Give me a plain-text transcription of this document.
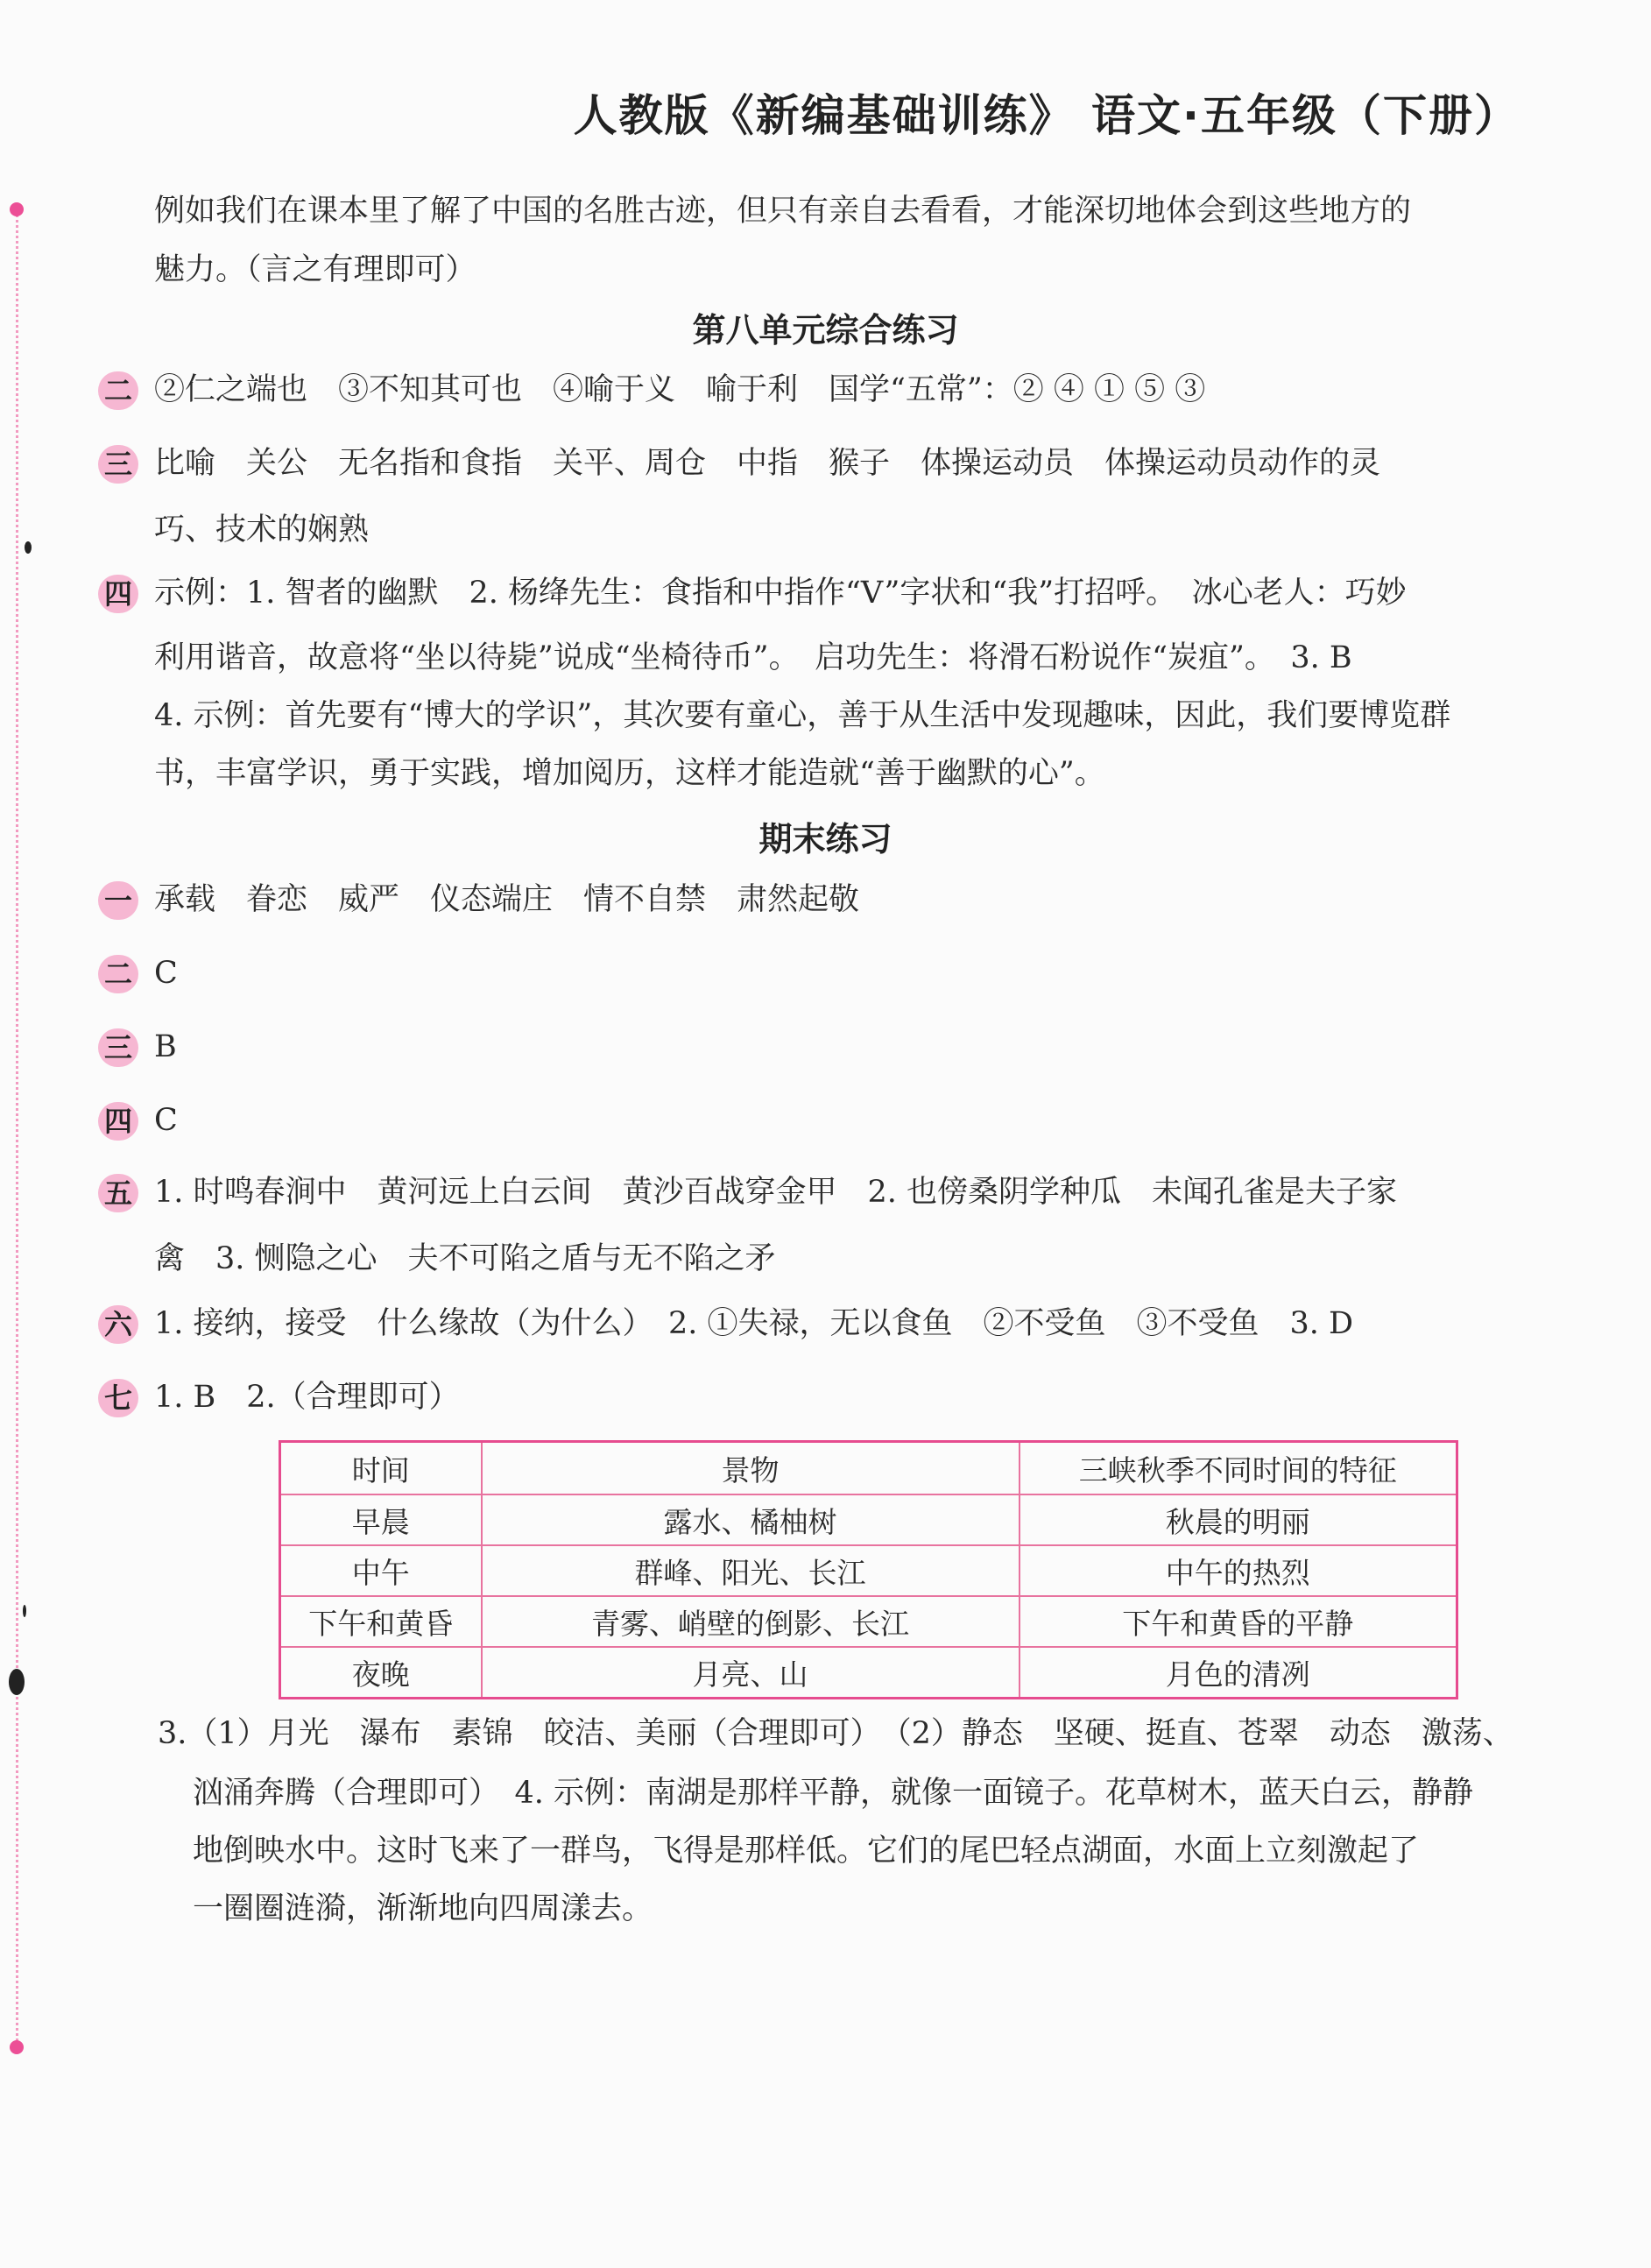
人教版《新编基础训练》 语文·五年级（下册）
例如我们在课本里了解了中国的名胜古迹，但只有亲自去看看，才能深切地体会到这些地方的
魅力。（言之有理即可）
第八单元综合练习
二 ②仁之端也　③不知其可也　④喻于义　喻于利　国学“五常”：② ④ ① ⑤ ③
三 比喻　关公　无名指和食指　关平、周仓　中指　猴子　体操运动员　体操运动员动作的灵
巧、技术的娴熟
四 示例：1. 智者的幽默　2. 杨绛先生：食指和中指作“V”字状和“我”打招呼。　冰心老人：巧妙
利用谐音，故意将“坐以待毙”说成“坐椅待币”。　启功先生：将滑石粉说作“炭疽”。　3. B
4. 示例：首先要有“博大的学识”，其次要有童心，善于从生活中发现趣味，因此，我们要博览群
书，丰富学识，勇于实践，增加阅历，这样才能造就“善于幽默的心”。
期末练习
一 承载　眷恋　威严　仪态端庄　情不自禁　肃然起敬
二 C
三 B
四 C
五 1. 时鸣春涧中　黄河远上白云间　黄沙百战穿金甲　2. 也傍桑阴学种瓜　未闻孔雀是夫子家
禽　3. 恻隐之心　夫不可陷之盾与无不陷之矛
六 1. 接纳，接受　什么缘故（为什么）　2. ①失禄，无以食鱼　②不受鱼　③不受鱼　3. D
七 1. B　2.（合理即可）
时间	景物	三峡秋季不同时间的特征
早晨	露水、橘柚树	秋晨的明丽
中午	群峰、阳光、长江	中午的热烈
下午和黄昏	青雾、峭壁的倒影、长江	下午和黄昏的平静
夜晚	月亮、山	月色的清冽
3.（1）月光　瀑布　素锦　皎洁、美丽（合理即可）　（2）静态　坚硬、挺直、苍翠　动态　激荡、
汹涌奔腾（合理即可）　4. 示例：南湖是那样平静，就像一面镜子。花草树木，蓝天白云，静静
地倒映水中。这时飞来了一群鸟，飞得是那样低。它们的尾巴轻点湖面，水面上立刻激起了
一圈圈涟漪，渐渐地向四周漾去。
